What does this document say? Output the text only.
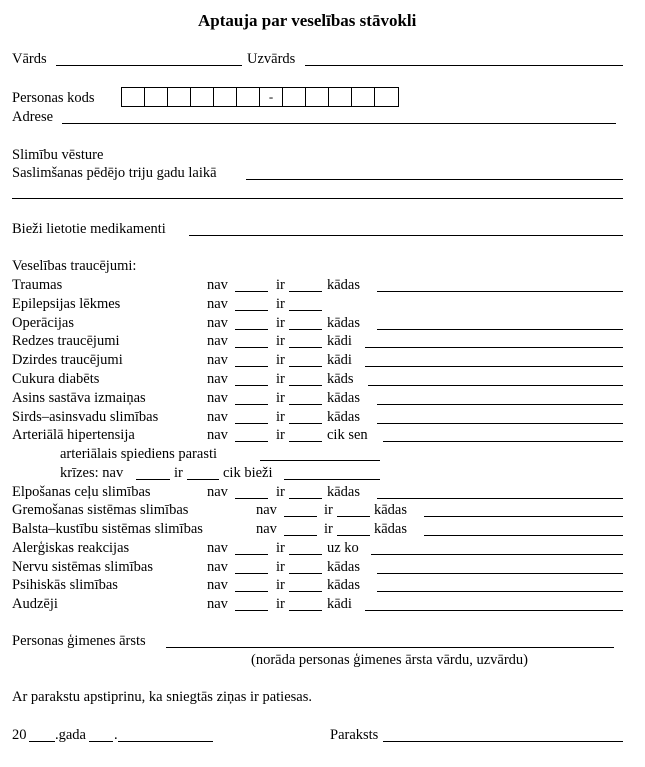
Aptauja par veselības stāvokli
Vārds	Uzvārds
Personas kods	-
Adrese
Slimību vēsture
Saslimšanas pēdējo triju gadu laikā
Bieži lietotie medikamenti
Veselības traucējumi:
Traumas	nav	ir	kādas
Epilepsijas lēkmes	nav	ir
Operācijas	nav	ir	kādas
Redzes traucējumi	nav	ir	kādi
Dzirdes traucējumi	nav	ir	kādi
Cukura diabēts	nav	ir	kāds
Asins sastāva izmaiņas	nav	ir	kādas
Sirds–asinsvadu slimības	nav	ir	kādas
Arteriālā hipertensija	nav	ir	cik sen
arteriālais spiediens parasti
krīzes: nav	ir	cik bieži
Elpošanas ceļu slimības	nav	ir	kādas
Gremošanas sistēmas slimības	nav	ir	kādas
Balsta–kustību sistēmas slimības	nav	ir	kādas
Alerģiskas reakcijas	nav	ir	uz ko
Nervu sistēmas slimības	nav	ir	kādas
Psihiskās slimības	nav	ir	kādas
Audzēji	nav	ir	kādi
Personas ģimenes ārsts
(norāda personas ģimenes ārsta vārdu, uzvārdu)
Ar parakstu apstiprinu, ka sniegtās ziņas ir patiesas.
20 .gada .	Paraksts
